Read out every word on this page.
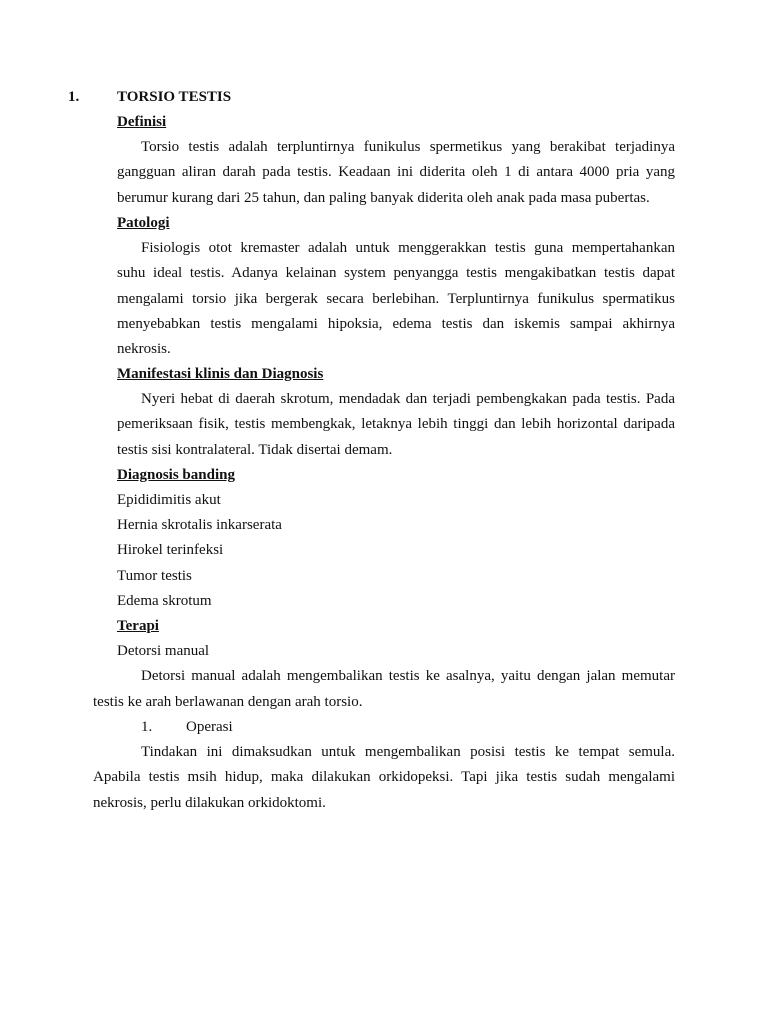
1.	TORSIO TESTIS
Definisi
Torsio testis adalah terpluntirnya funikulus spermetikus yang berakibat terjadinya
gangguan aliran darah pada testis. Keadaan ini diderita oleh 1 di antara 4000 pria yang
berumur kurang dari 25 tahun, dan paling banyak diderita oleh anak pada masa pubertas.
Patologi
Fisiologis otot kremaster adalah untuk menggerakkan testis guna mempertahankan
suhu ideal testis. Adanya kelainan system penyangga testis mengakibatkan testis dapat
mengalami torsio jika bergerak secara berlebihan. Terpluntirnya funikulus spermatikus
menyebabkan testis mengalami hipoksia, edema testis dan iskemis sampai akhirnya
nekrosis.
Manifestasi klinis dan Diagnosis
Nyeri hebat di daerah skrotum, mendadak dan terjadi pembengkakan pada testis. Pada
pemeriksaan fisik, testis membengkak, letaknya lebih tinggi dan lebih horizontal daripada
testis sisi kontralateral. Tidak disertai demam.
Diagnosis banding
Epididimitis akut
Hernia skrotalis inkarserata
Hirokel terinfeksi
Tumor testis
Edema skrotum
Terapi
Detorsi manual
Detorsi manual adalah mengembalikan testis ke asalnya, yaitu dengan jalan memutar
testis ke arah berlawanan dengan arah torsio.
1. Operasi
Tindakan ini dimaksudkan untuk mengembalikan posisi testis ke tempat semula.
Apabila testis msih hidup, maka dilakukan orkidopeksi. Tapi jika testis sudah mengalami
nekrosis, perlu dilakukan orkidoktomi.
